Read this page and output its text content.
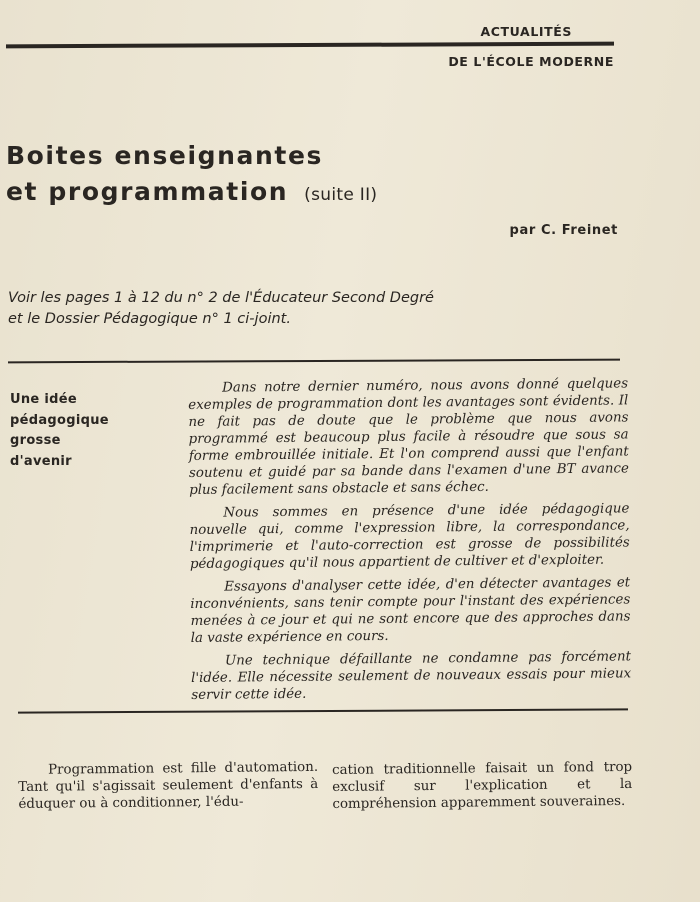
ACTUALITÉS
DE L'ÉCOLE MODERNE
Boites enseignantes
et programmation (suite II)
par C. Freinet

Voir les pages 1 à 12 du n° 2 de l'Éducateur Second Degré
et le Dossier Pédagogique n° 1 ci-joint.

Une idée
pédagogique
grosse
d'avenir

Dans notre dernier numéro, nous avons donné quelques exemples de programmation dont les avantages sont évidents. Il ne fait pas de doute que le problème que nous avons programmé est beaucoup plus facile à résoudre que sous sa forme embrouillée initiale. Et l'on comprend aussi que l'enfant soutenu et guidé par sa bande dans l'examen d'une BT avance plus facilement sans obstacle et sans échec.

Nous sommes en présence d'une idée pédagogique nouvelle qui, comme l'expression libre, la correspondance, l'imprimerie et l'auto-correction est grosse de possibilités pédagogiques qu'il nous appartient de cultiver et d'exploiter.

Essayons d'analyser cette idée, d'en détecter avantages et inconvénients, sans tenir compte pour l'instant des expériences menées à ce jour et qui ne sont encore que des approches dans la vaste expérience en cours.

Une technique défaillante ne condamne pas forcément l'idée. Elle nécessite seulement de nouveaux essais pour mieux servir cette idée.

Programmation est fille d'automation. Tant qu'il s'agissait seulement d'enfants à éduquer ou à conditionner, l'édu-

cation traditionnelle faisait un fond trop exclusif sur l'explication et la compréhension apparemment souveraines.
